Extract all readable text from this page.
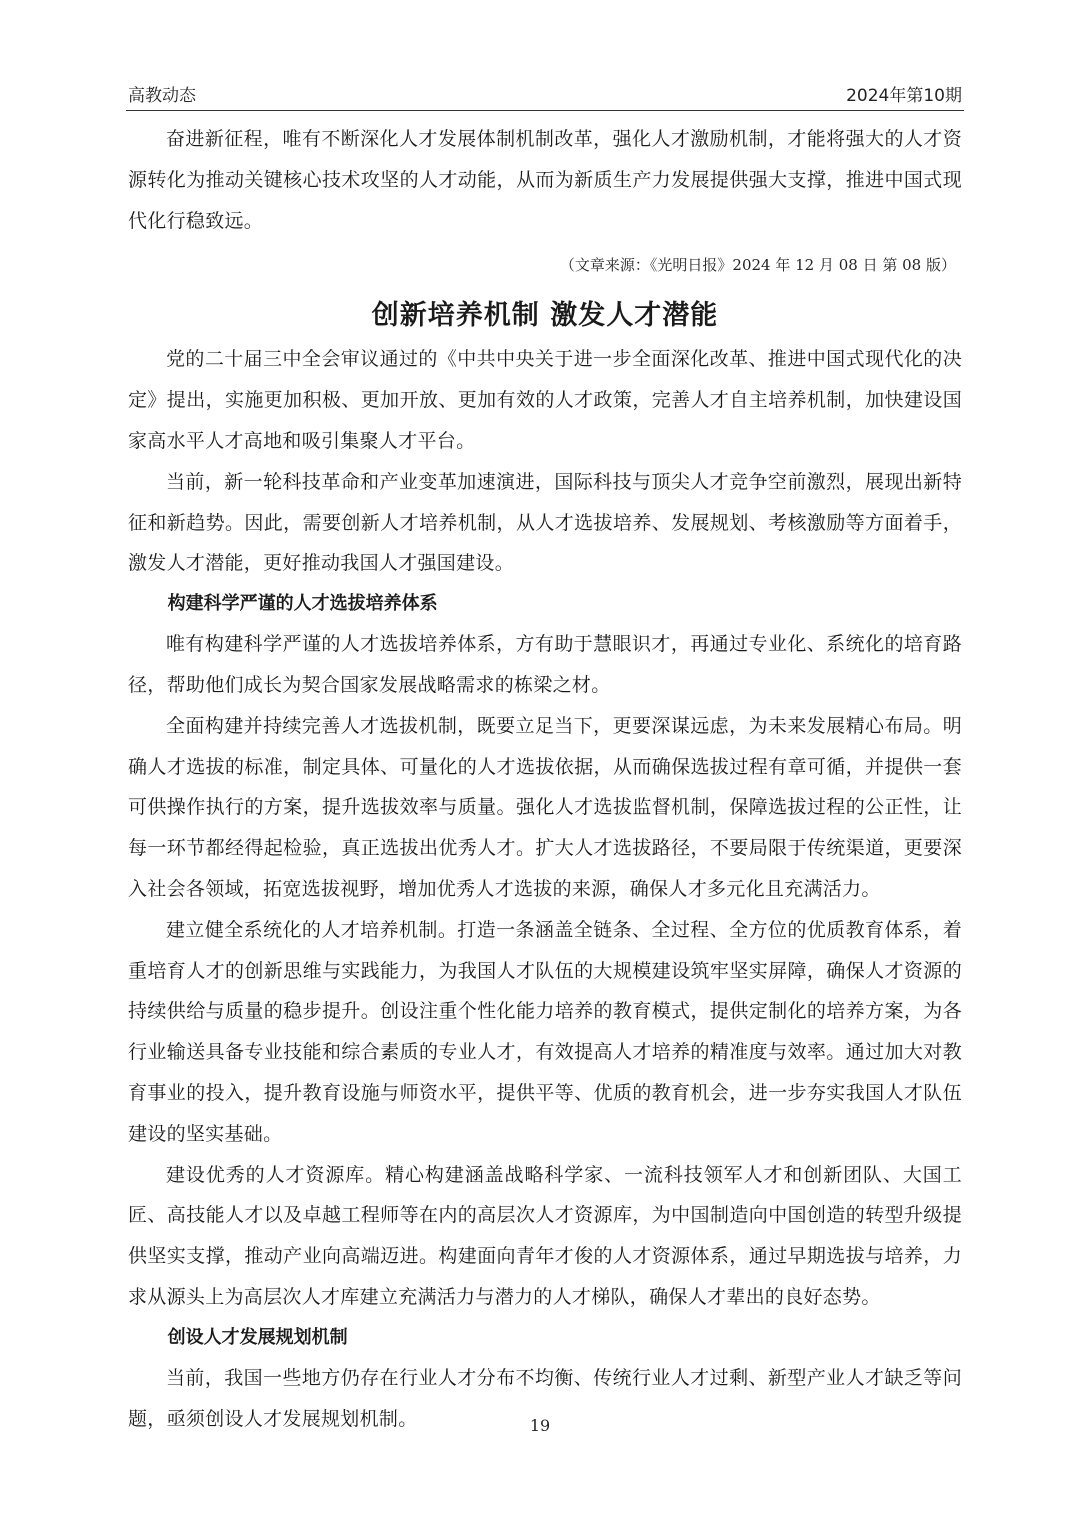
高教动态	2024年第10期

奋进新征程，唯有不断深化人才发展体制机制改革，强化人才激励机制，才能将强大的人才资源转化为推动关键核心技术攻坚的人才动能，从而为新质生产力发展提供强大支撑，推进中国式现代化行稳致远。

（文章来源：《光明日报》2024 年 12 月 08 日 第 08 版）
创新培养机制 激发人才潜能

党的二十届三中全会审议通过的《中共中央关于进一步全面深化改革、推进中国式现代化的决定》提出，实施更加积极、更加开放、更加有效的人才政策，完善人才自主培养机制，加快建设国家高水平人才高地和吸引集聚人才平台。

当前，新一轮科技革命和产业变革加速演进，国际科技与顶尖人才竞争空前激烈，展现出新特征和新趋势。因此，需要创新人才培养机制，从人才选拔培养、发展规划、考核激励等方面着手，激发人才潜能，更好推动我国人才强国建设。

构建科学严谨的人才选拔培养体系

唯有构建科学严谨的人才选拔培养体系，方有助于慧眼识才，再通过专业化、系统化的培育路径，帮助他们成长为契合国家发展战略需求的栋梁之材。

全面构建并持续完善人才选拔机制，既要立足当下，更要深谋远虑，为未来发展精心布局。明确人才选拔的标准，制定具体、可量化的人才选拔依据，从而确保选拔过程有章可循，并提供一套可供操作执行的方案，提升选拔效率与质量。强化人才选拔监督机制，保障选拔过程的公正性，让每一环节都经得起检验，真正选拔出优秀人才。扩大人才选拔路径，不要局限于传统渠道，更要深入社会各领域，拓宽选拔视野，增加优秀人才选拔的来源，确保人才多元化且充满活力。

建立健全系统化的人才培养机制。打造一条涵盖全链条、全过程、全方位的优质教育体系，着重培育人才的创新思维与实践能力，为我国人才队伍的大规模建设筑牢坚实屏障，确保人才资源的持续供给与质量的稳步提升。创设注重个性化能力培养的教育模式，提供定制化的培养方案，为各行业输送具备专业技能和综合素质的专业人才，有效提高人才培养的精准度与效率。通过加大对教育事业的投入，提升教育设施与师资水平，提供平等、优质的教育机会，进一步夯实我国人才队伍建设的坚实基础。

建设优秀的人才资源库。精心构建涵盖战略科学家、一流科技领军人才和创新团队、大国工匠、高技能人才以及卓越工程师等在内的高层次人才资源库，为中国制造向中国创造的转型升级提供坚实支撑，推动产业向高端迈进。构建面向青年才俊的人才资源体系，通过早期选拔与培养，力求从源头上为高层次人才库建立充满活力与潜力的人才梯队，确保人才辈出的良好态势。

创设人才发展规划机制

当前，我国一些地方仍存在行业人才分布不均衡、传统行业人才过剩、新型产业人才缺乏等问题，亟须创设人才发展规划机制。	19
